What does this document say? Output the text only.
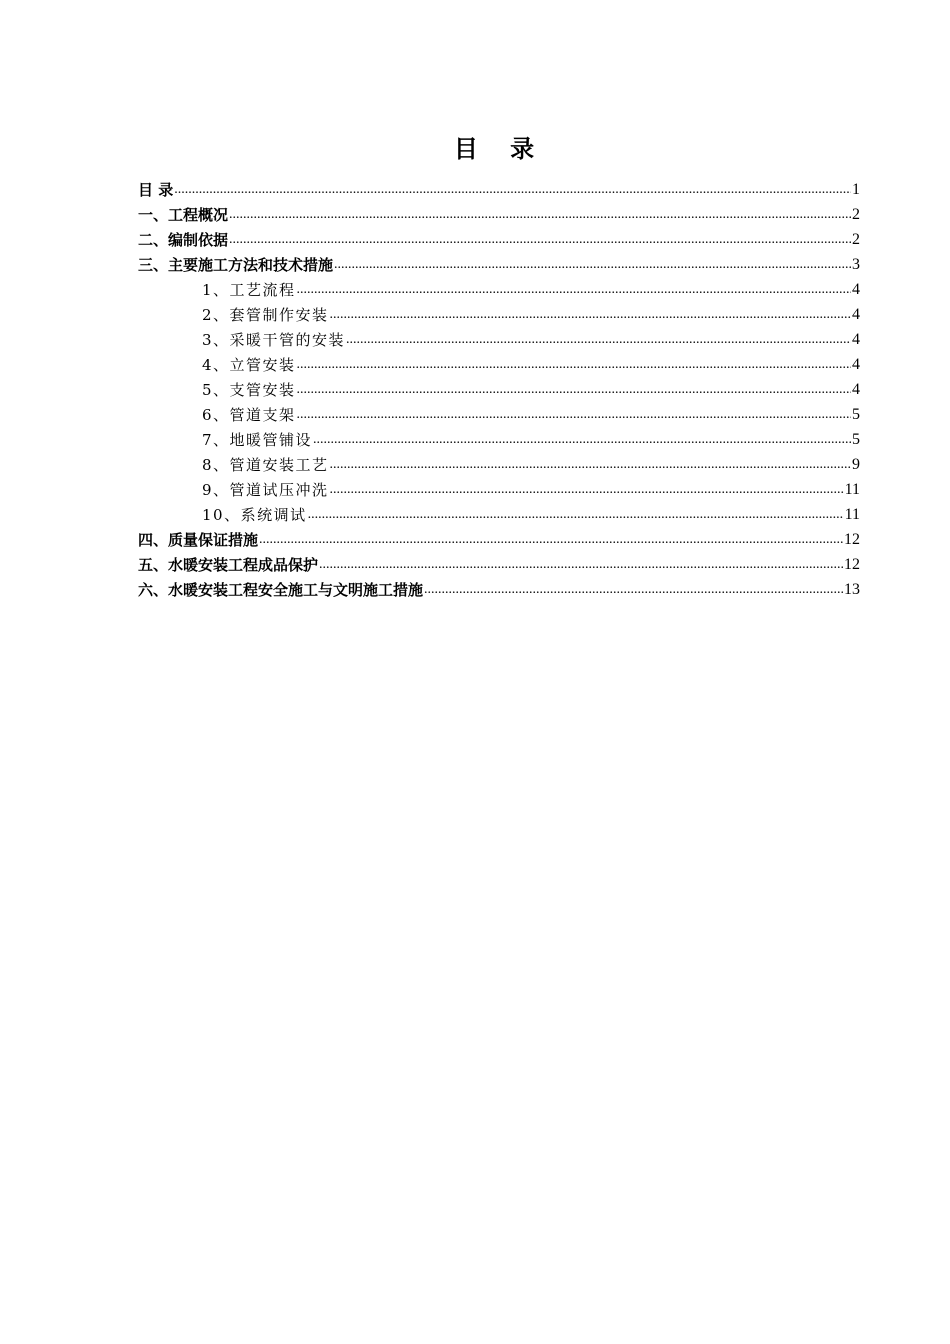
目 录
目 录 .....	1
一、工程概况 .....	2
二、编制依据 .....	2
三、主要施工方法和技术措施 .....	3
1、工艺流程 .....	4
2、套管制作安装 .....	4
3、采暖干管的安装 .....	4
4、立管安装 .....	4
5、支管安装 .....	4
6、管道支架 .....	5
7、地暖管铺设 .....	5
8、管道安装工艺 .....	9
9、管道试压冲洗 .....	11
10、系统调试 .....	11
四、质量保证措施 .....	12
五、水暖安装工程成品保护 .....	12
六、水暖安装工程安全施工与文明施工措施 .....	13
